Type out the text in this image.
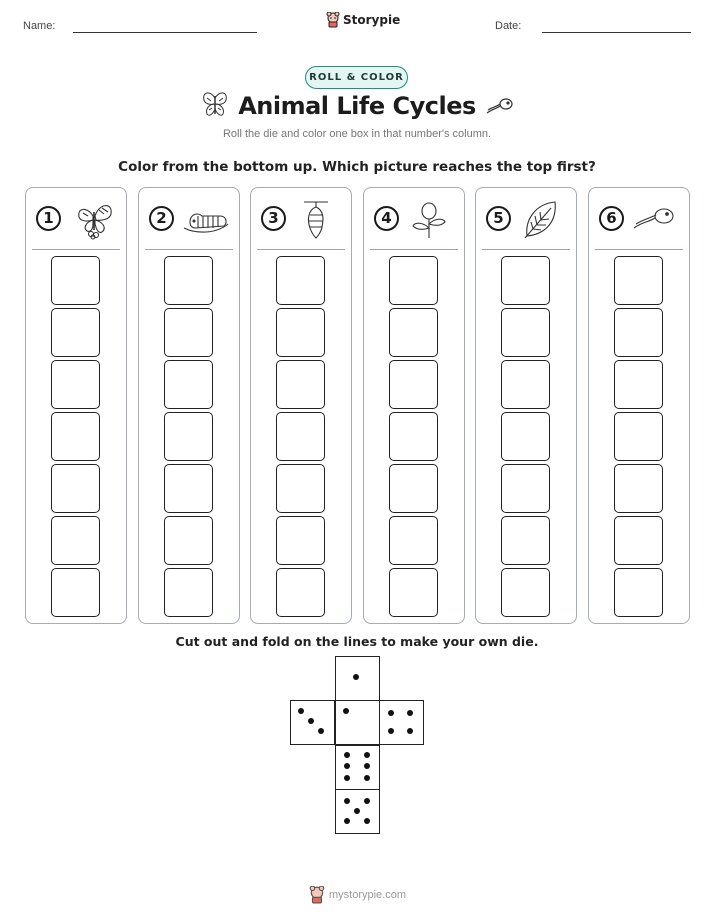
Name:	Storypie	Date:
ROLL & COLOR
Animal Life Cycles
Roll the die and color one box in that number's column.
Color from the bottom up. Which picture reaches the top first?
1	2	3	4	5	6
Cut out and fold on the lines to make your own die.
mystorypie.com
